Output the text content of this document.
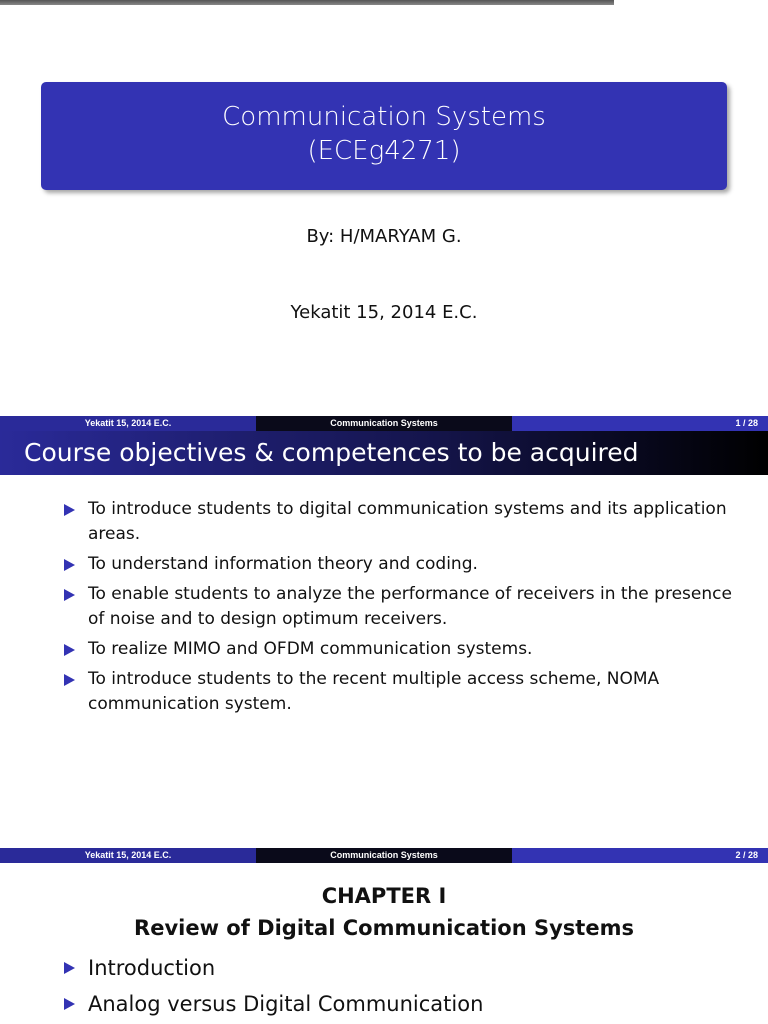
Communication Systems
(ECEg4271)
By: H/MARYAM G.
Yekatit 15, 2014 E.C.
Yekatit 15, 2014 E.C.	Communication Systems	1 / 28
Course objectives & competences to be acquired
To introduce students to digital communication systems and its application areas.
To understand information theory and coding.
To enable students to analyze the performance of receivers in the presence of noise and to design optimum receivers.
To realize MIMO and OFDM communication systems.
To introduce students to the recent multiple access scheme, NOMA communication system.
Yekatit 15, 2014 E.C.	Communication Systems	2 / 28
CHAPTER I
Review of Digital Communication Systems
Introduction
Analog versus Digital Communication
